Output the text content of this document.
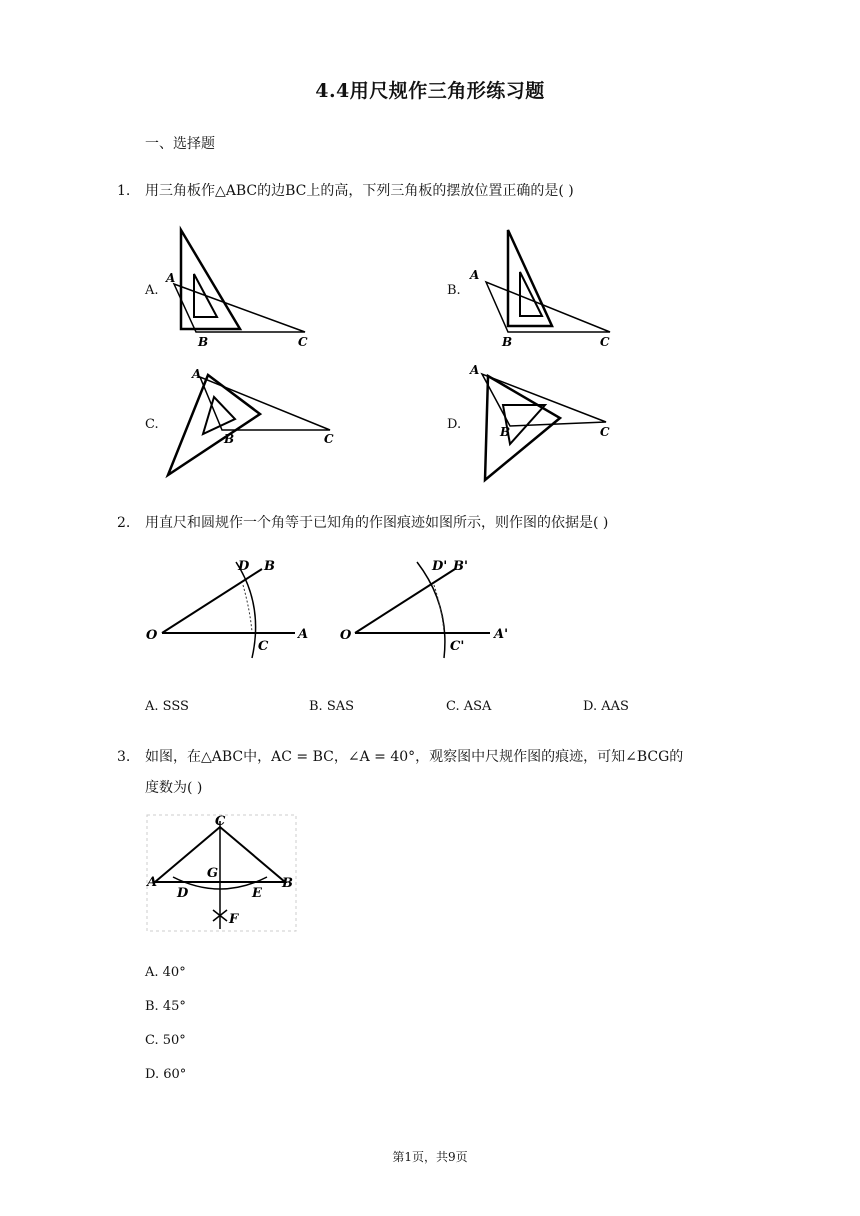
4.4用尺规作三角形练习题
一、选择题
1. 用三角板作△ABC的边BC上的高，下列三角板的摆放位置正确的是( )
A.	B.
C.	D.
A
B	C
A
B	C
A
B	C
A
B	C
2. 用直尺和圆规作一个角等于已知角的作图痕迹如图所示，则作图的依据是( )
O	A
B
D
C
O	A'
B'
D'
C'
A. SSS	B. SAS	C. ASA	D. AAS
3. 如图，在△ABC中，AC = BC，∠A = 40°，观察图中尺规作图的痕迹，可知∠BCG的
度数为( )
C
A	B
D	E
G
F
A. 40°
B. 45°
C. 50°
D. 60°
第1页，共9页
